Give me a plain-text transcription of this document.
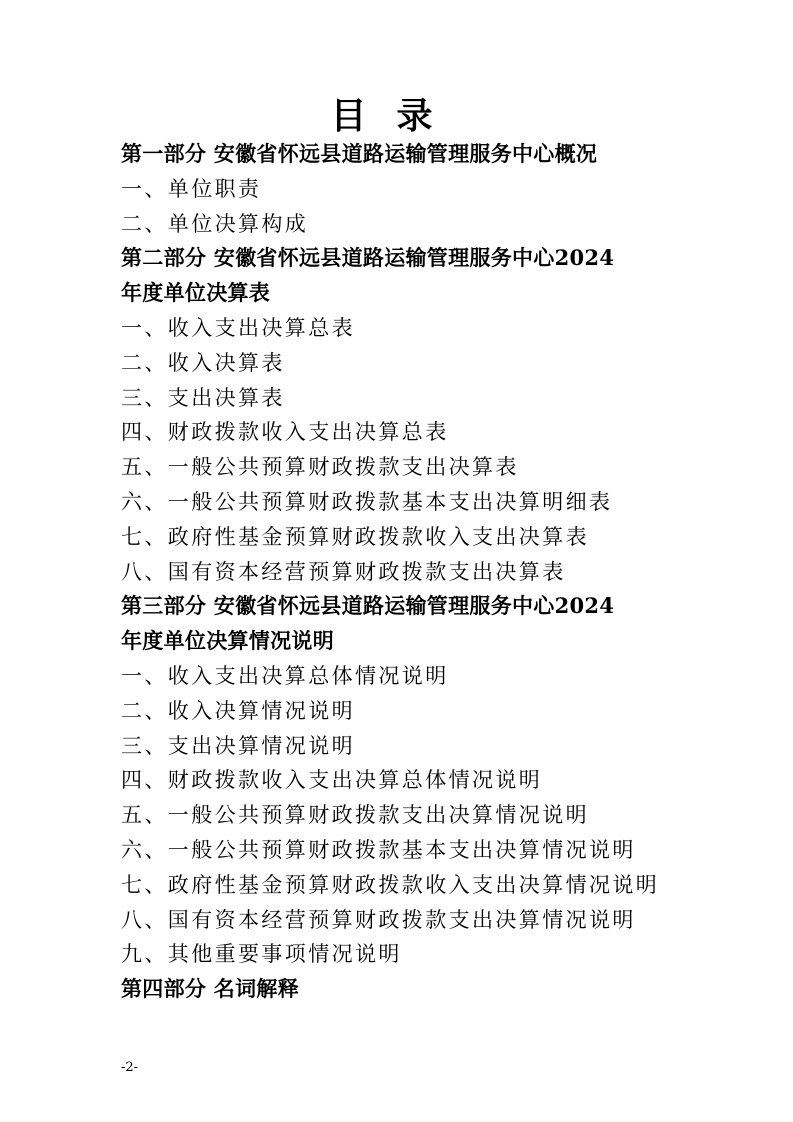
目录
第一部分 安徽省怀远县道路运输管理服务中心概况
一、单位职责
二、单位决算构成
第二部分 安徽省怀远县道路运输管理服务中心2024
年度单位决算表
一、收入支出决算总表
二、收入决算表
三、支出决算表
四、财政拨款收入支出决算总表
五、一般公共预算财政拨款支出决算表
六、一般公共预算财政拨款基本支出决算明细表
七、政府性基金预算财政拨款收入支出决算表
八、国有资本经营预算财政拨款支出决算表
第三部分 安徽省怀远县道路运输管理服务中心2024
年度单位决算情况说明
一、收入支出决算总体情况说明
二、收入决算情况说明
三、支出决算情况说明
四、财政拨款收入支出决算总体情况说明
五、一般公共预算财政拨款支出决算情况说明
六、一般公共预算财政拨款基本支出决算情况说明
七、政府性基金预算财政拨款收入支出决算情况说明
八、国有资本经营预算财政拨款支出决算情况说明
九、其他重要事项情况说明
第四部分 名词解释
-2-
